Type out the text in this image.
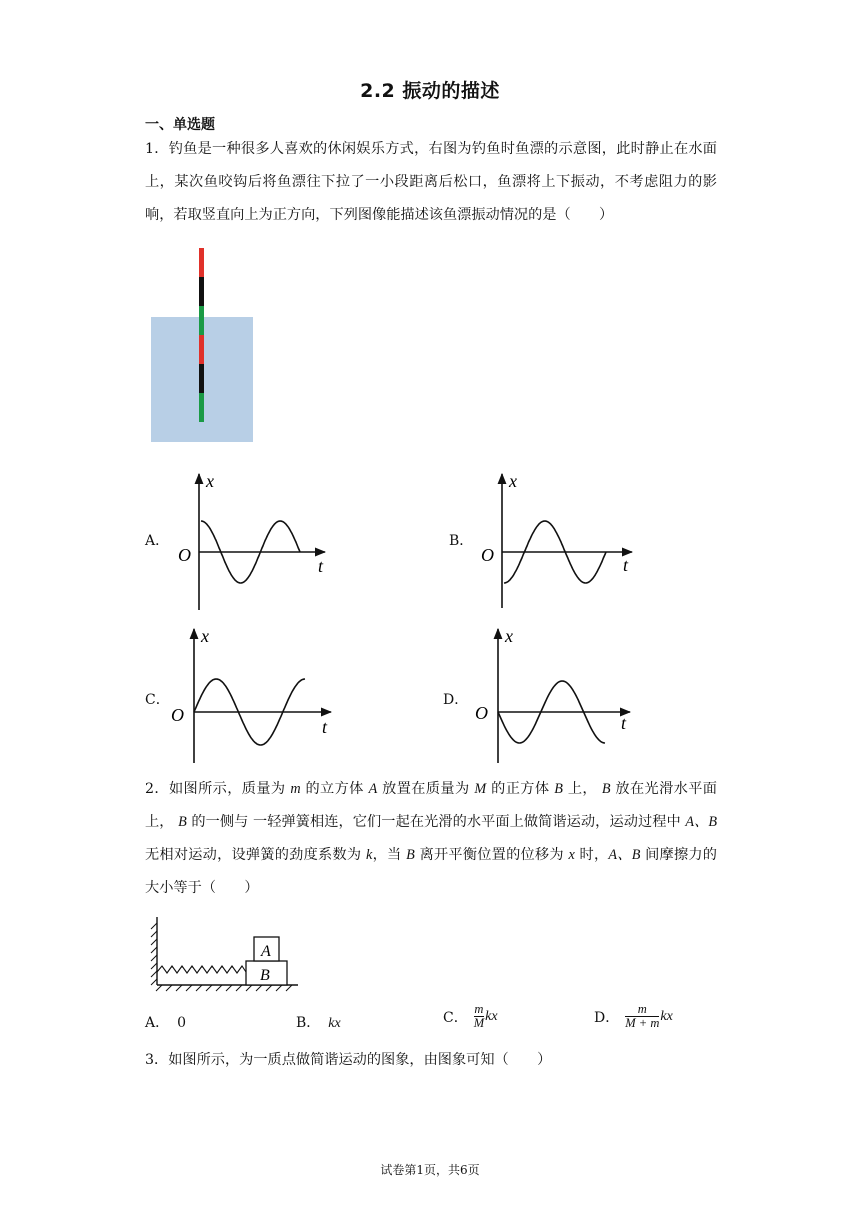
2.2 振动的描述
一、单选题
1．钓鱼是一种很多人喜欢的休闲娱乐方式，右图为钓鱼时鱼漂的示意图，此时静止在水面上，某次鱼咬钩后将鱼漂往下拉了一小段距离后松口，鱼漂将上下振动，不考虑阻力的影响，若取竖直向上为正方向，下列图像能描述该鱼漂振动情况的是（　　）
A．	B．
C．	D．
x
O
t
x
O	t
x
O
t
x
O	t
2．如图所示，质量为 m 的立方体 A 放置在质量为 M 的正方体 B 上， B 放在光滑水平面上， B 的一侧与 一轻弹簧相连，它们一起在光滑的水平面上做简谐运动，运动过程中 A、B 无相对运动，设弹簧的劲度系数为 k，当 B 离开平衡位置的位移为 x 时，A、B 间摩擦力的大小等于（　　）
A
B
A． 0	B． kx	C． $\frac{m}{M}$ kx	D． $\frac{m}{M + m}$ kx
3．如图所示，为一质点做简谐运动的图象，由图象可知（　　）
试卷第1页，共6页
